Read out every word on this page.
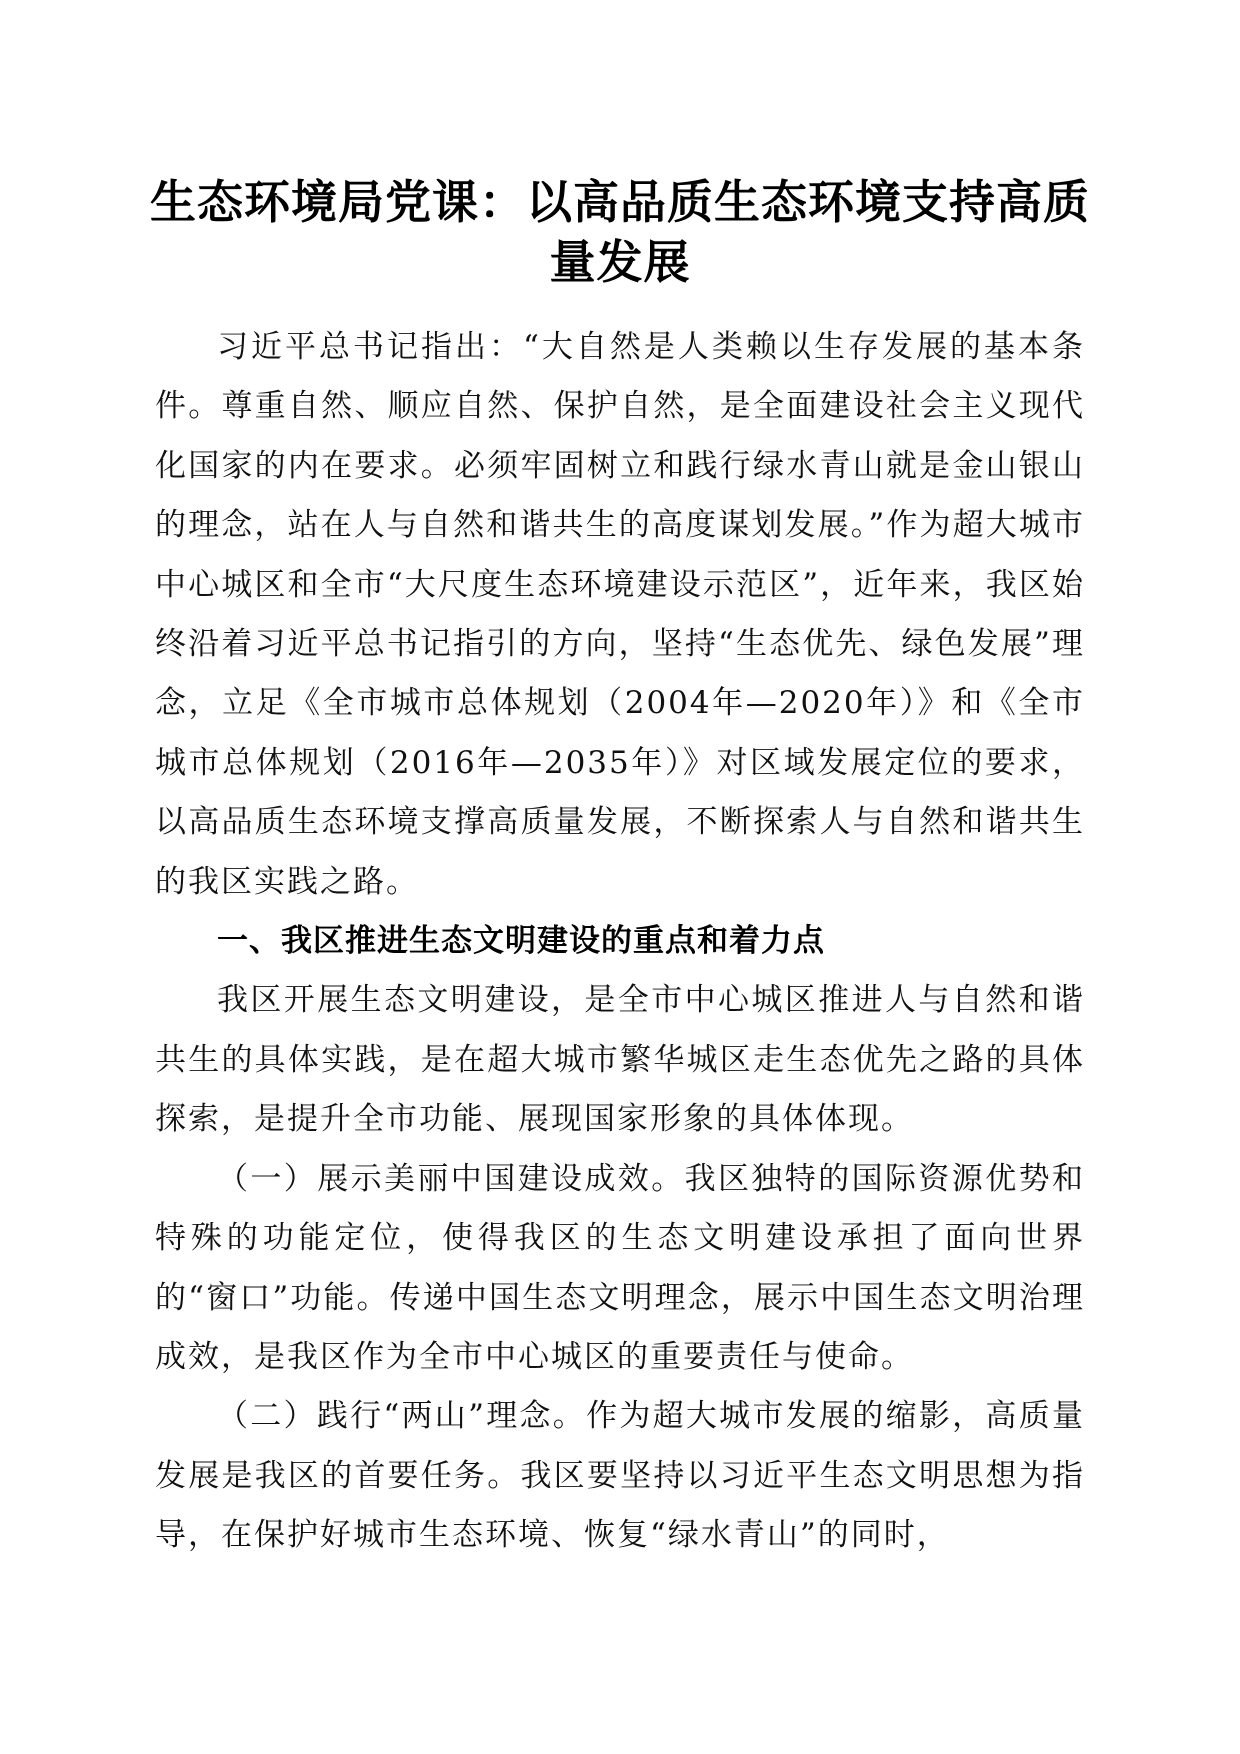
生态环境局党课：以高品质生态环境支持高质量发展

习近平总书记指出：“大自然是人类赖以生存发展的基本条件。尊重自然、顺应自然、保护自然，是全面建设社会主义现代化国家的内在要求。必须牢固树立和践行绿水青山就是金山银山的理念，站在人与自然和谐共生的高度谋划发展。”作为超大城市中心城区和全市“大尺度生态环境建设示范区”，近年来，我区始终沿着习近平总书记指引的方向，坚持“生态优先、绿色发展”理念，立足《全市城市总体规划（2004年—2020年）》和《全市城市总体规划（2016年—2035年）》对区域发展定位的要求，以高品质生态环境支撑高质量发展，不断探索人与自然和谐共生的我区实践之路。

一、我区推进生态文明建设的重点和着力点

我区开展生态文明建设，是全市中心城区推进人与自然和谐共生的具体实践，是在超大城市繁华城区走生态优先之路的具体探索，是提升全市功能、展现国家形象的具体体现。

（一）展示美丽中国建设成效。我区独特的国际资源优势和特殊的功能定位，使得我区的生态文明建设承担了面向世界的“窗口”功能。传递中国生态文明理念，展示中国生态文明治理成效，是我区作为全市中心城区的重要责任与使命。

（二）践行“两山”理念。作为超大城市发展的缩影，高质量发展是我区的首要任务。我区要坚持以习近平生态文明思想为指导，在保护好城市生态环境、恢复“绿水青山”的同时，
